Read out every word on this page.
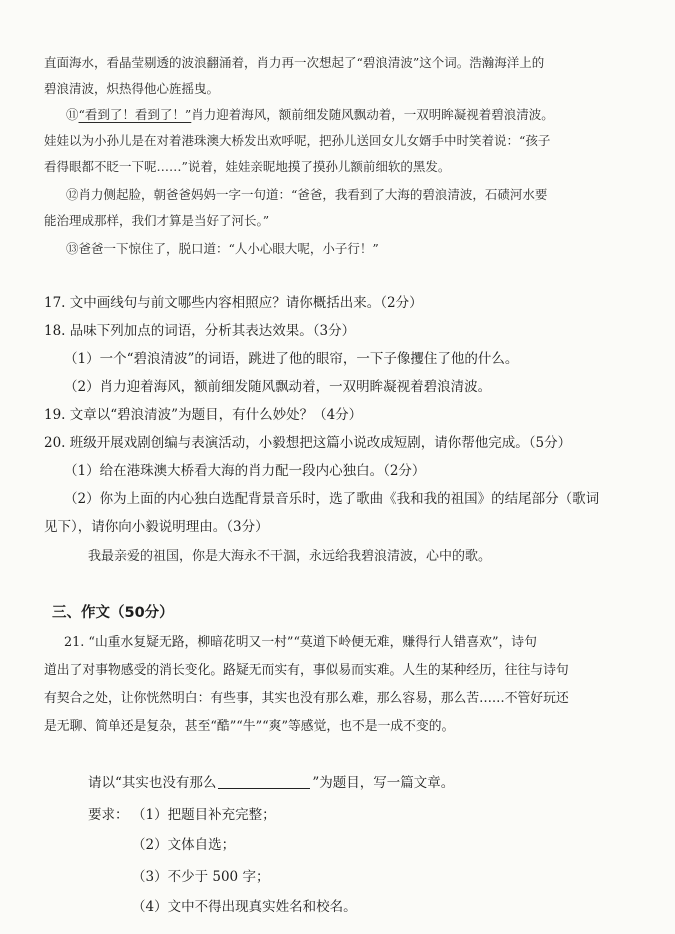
直面海水，看晶莹剔透的波浪翻涌着，肖力再一次想起了“碧浪清波”这个词。浩瀚海洋上的
碧浪清波，炽热得他心旌摇曳。
⑪“看到了！看到了！”肖力迎着海风，额前细发随风飘动着，一双明眸凝视着碧浪清波。
娃娃以为小孙儿是在对着港珠澳大桥发出欢呼呢，把孙儿送回女儿女婿手中时笑着说：“孩子
看得眼都不眨一下呢……”说着，娃娃亲昵地摸了摸孙儿额前细软的黑发。
⑫肖力侧起脸，朝爸爸妈妈一字一句道：“爸爸，我看到了大海的碧浪清波，石碛河水要
能治理成那样，我们才算是当好了河长。”
⑬爸爸一下惊住了，脱口道：“人小心眼大呢，小子行！”
17. 文中画线句与前文哪些内容相照应？请你概括出来。（2分）
18. 品味下列加点的词语，分析其表达效果。（3分）
（1）一个“碧浪清波”的词语，跳进了他的眼帘，一下子像攫住了他的什么。
（2）肖力迎着海风，额前细发随风飘动着，一双明眸凝视着碧浪清波。
19. 文章以“碧浪清波”为题目，有什么妙处？（4分）
20. 班级开展戏剧创编与表演活动，小毅想把这篇小说改成短剧，请你帮他完成。（5分）
（1）给在港珠澳大桥看大海的肖力配一段内心独白。（2分）
（2）你为上面的内心独白选配背景音乐时，选了歌曲《我和我的祖国》的结尾部分（歌词
见下），请你向小毅说明理由。（3分）
我最亲爱的祖国，你是大海永不干涸，永远给我碧浪清波，心中的歌。
三、作文（50分）
21. “山重水复疑无路，柳暗花明又一村”“莫道下岭便无难，赚得行人错喜欢”，诗句
道出了对事物感受的消长变化。路疑无而实有，事似易而实难。人生的某种经历，往往与诗句
有契合之处，让你恍然明白：有些事，其实也没有那么难，那么容易，那么苦……不管好玩还
是无聊、简单还是复杂，甚至“酷”“牛”“爽”等感觉，也不是一成不变的。
请以“其实也没有那么	”为题目，写一篇文章。
要求： （1）把题目补充完整；
（2）文体自选；
（3）不少于 500 字；
（4）文中不得出现真实姓名和校名。
